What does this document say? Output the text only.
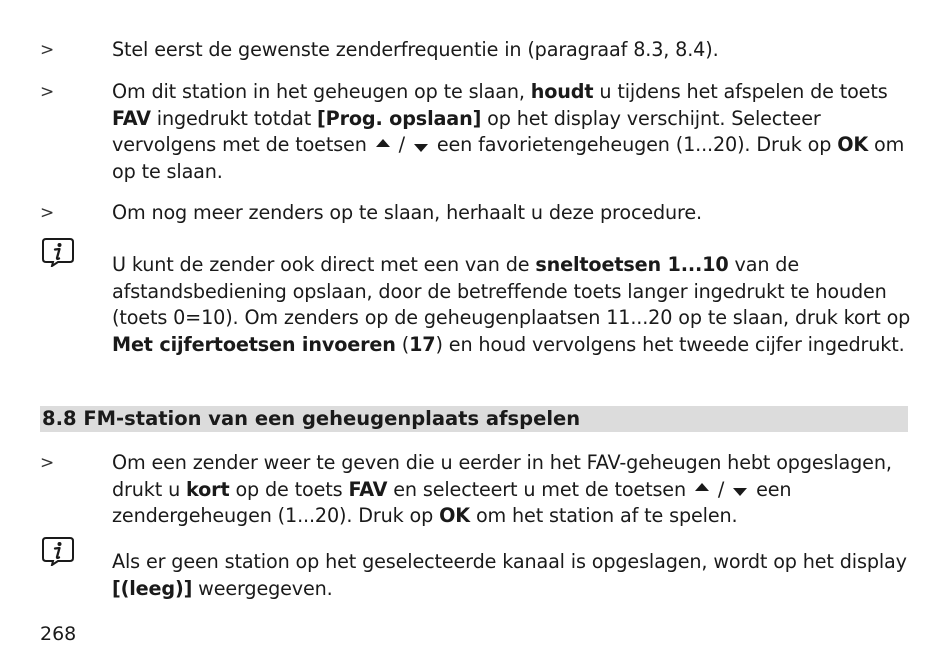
>	Stel eerst de gewenste zenderfrequentie in (paragraaf 8.3, 8.4).
>	Om dit station in het geheugen op te slaan, houdt u tijdens het afspelen de toets FAV ingedrukt totdat [Prog. opslaan] op het display verschijnt. Selecteer vervolgens met de toetsen  /  een favorietengeheugen (1...20). Druk op OK om op te slaan.
>	Om nog meer zenders op te slaan, herhaalt u deze procedure.
U kunt de zender ook direct met een van de sneltoetsen 1...10 van de afstandsbediening opslaan, door de betreffende toets langer ingedrukt te houden (toets 0=10). Om zenders op de geheugenplaatsen 11...20 op te slaan, druk kort op Met cijfertoetsen invoeren (17) en houd vervolgens het tweede cijfer ingedrukt.
8.8 FM-station van een geheugenplaats afspelen
>	Om een zender weer te geven die u eerder in het FAV-geheugen hebt opgeslagen, drukt u kort op de toets FAV en selecteert u met de toetsen  /  een zendergeheugen (1...20). Druk op OK om het station af te spelen.
Als er geen station op het geselecteerde kanaal is opgeslagen, wordt op het display [(leeg)] weergegeven.
268
